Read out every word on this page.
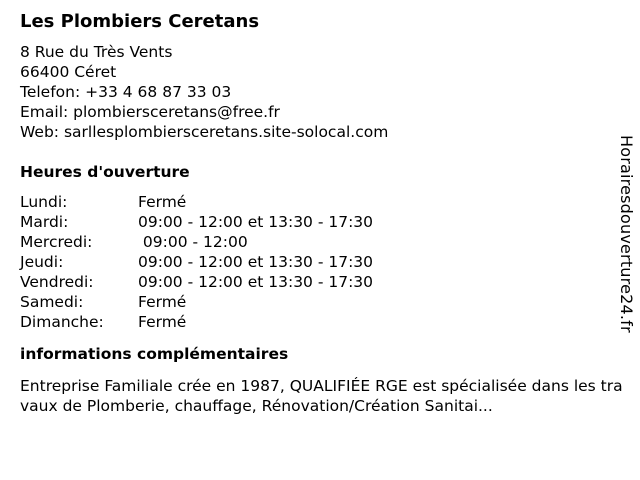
Les Plombiers Ceretans
8 Rue du Très Vents
66400 Céret
Telefon: +33 4 68 87 33 03
Email: plombiersceretans@free.fr
Web: sarllesplombiersceretans.site-solocal.com
Heures d'ouverture
Lundi:	Fermé
Mardi:	09:00 - 12:00 et 13:30 - 17:30
Mercredi:	09:00 - 12:00
Jeudi:	09:00 - 12:00 et 13:30 - 17:30
Vendredi:	09:00 - 12:00 et 13:30 - 17:30
Samedi:	Fermé
Dimanche:	Fermé
informations complémentaires
Entreprise Familiale crée en 1987, QUALIFIÉE RGE est spécialisée dans les travaux de Plomberie, chauffage, Rénovation/Création Sanitai...
Horairesdouverture24.fr
